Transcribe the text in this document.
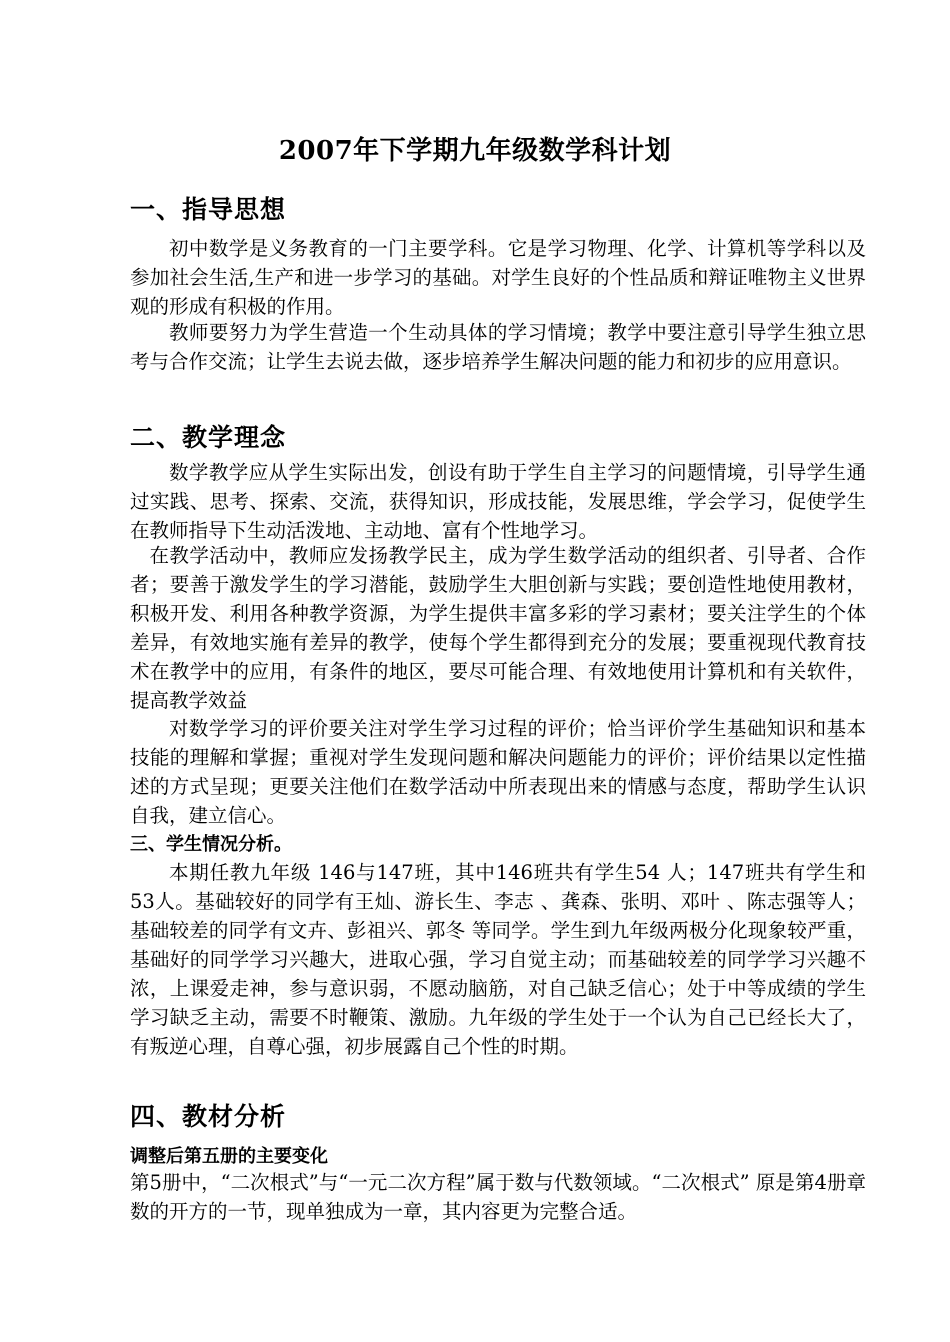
2007年下学期九年级数学科计划
一、指导思想
初中数学是义务教育的一门主要学科。它是学习物理、化学、计算机等学科以及参加社会生活,生产和进一步学习的基础。对学生良好的个性品质和辩证唯物主义世界观的形成有积极的作用。
教师要努力为学生营造一个生动具体的学习情境；教学中要注意引导学生独立思考与合作交流；让学生去说去做，逐步培养学生解决问题的能力和初步的应用意识。
二、教学理念
数学教学应从学生实际出发，创设有助于学生自主学习的问题情境，引导学生通过实践、思考、探索、交流，获得知识，形成技能，发展思维，学会学习，促使学生在教师指导下生动活泼地、主动地、富有个性地学习。
在教学活动中，教师应发扬教学民主，成为学生数学活动的组织者、引导者、合作者；要善于激发学生的学习潜能，鼓励学生大胆创新与实践；要创造性地使用教材，积极开发、利用各种教学资源，为学生提供丰富多彩的学习素材；要关注学生的个体差异，有效地实施有差异的教学，使每个学生都得到充分的发展；要重视现代教育技术在教学中的应用，有条件的地区，要尽可能合理、有效地使用计算机和有关软件，提高教学效益
对数学学习的评价要关注对学生学习过程的评价；恰当评价学生基础知识和基本技能的理解和掌握；重视对学生发现问题和解决问题能力的评价；评价结果以定性描述的方式呈现；更要关注他们在数学活动中所表现出来的情感与态度，帮助学生认识自我，建立信心。
三、学生情况分析。
本期任教九年级 146与147班，其中146班共有学生54 人；147班共有学生和53人。基础较好的同学有王灿、游长生、李志 、龚森、张明、邓叶 、陈志强等人；基础较差的同学有文卉、彭祖兴、郭冬 等同学。学生到九年级两极分化现象较严重，基础好的同学学习兴趣大，进取心强，学习自觉主动；而基础较差的同学学习兴趣不浓，上课爱走神，参与意识弱，不愿动脑筋，对自己缺乏信心；处于中等成绩的学生学习缺乏主动，需要不时鞭策、激励。九年级的学生处于一个认为自己已经长大了，有叛逆心理，自尊心强，初步展露自己个性的时期。
四、教材分析
调整后第五册的主要变化
第5册中，“二次根式”与“一元二次方程”属于数与代数领域。“二次根式” 原是第4册章数的开方的一节，现单独成为一章，其内容更为完整合适。
